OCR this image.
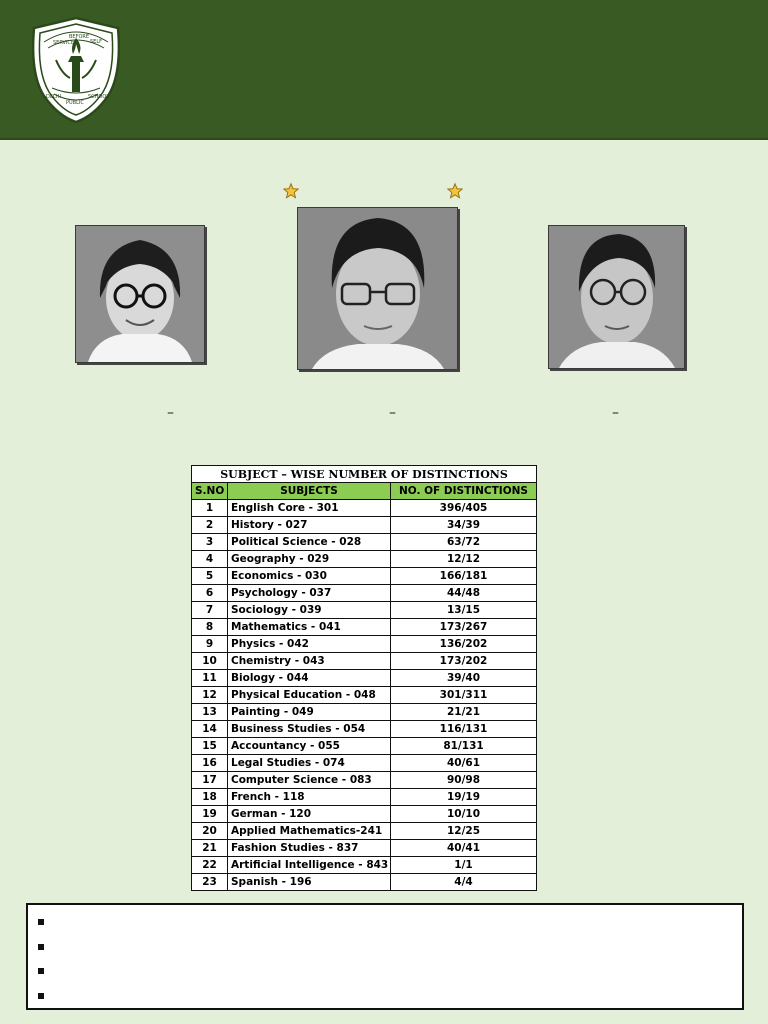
SERVICE
BEFORE
SELF
DELHI
PUBLIC
SCHOOL
–	–	–
SUBJECT – WISE NUMBER OF DISTINCTIONS		
S.NO	SUBJECTS	NO. OF DISTINCTIONS
1	English Core - 301	396/405
2	History - 027	34/39
3	Political Science - 028	63/72
4	Geography - 029	12/12
5	Economics - 030	166/181
6	Psychology - 037	44/48
7	Sociology - 039	13/15
8	Mathematics - 041	173/267
9	Physics - 042	136/202
10	Chemistry - 043	173/202
11	Biology - 044	39/40
12	Physical Education - 048	301/311
13	Painting - 049	21/21
14	Business Studies - 054	116/131
15	Accountancy - 055	81/131
16	Legal Studies - 074	40/61
17	Computer Science - 083	90/98
18	French - 118	19/19
19	German - 120	10/10
20	Applied Mathematics-241	12/25
21	Fashion Studies - 837	40/41
22	Artificial Intelligence - 843	1/1
23	Spanish - 196	4/4
